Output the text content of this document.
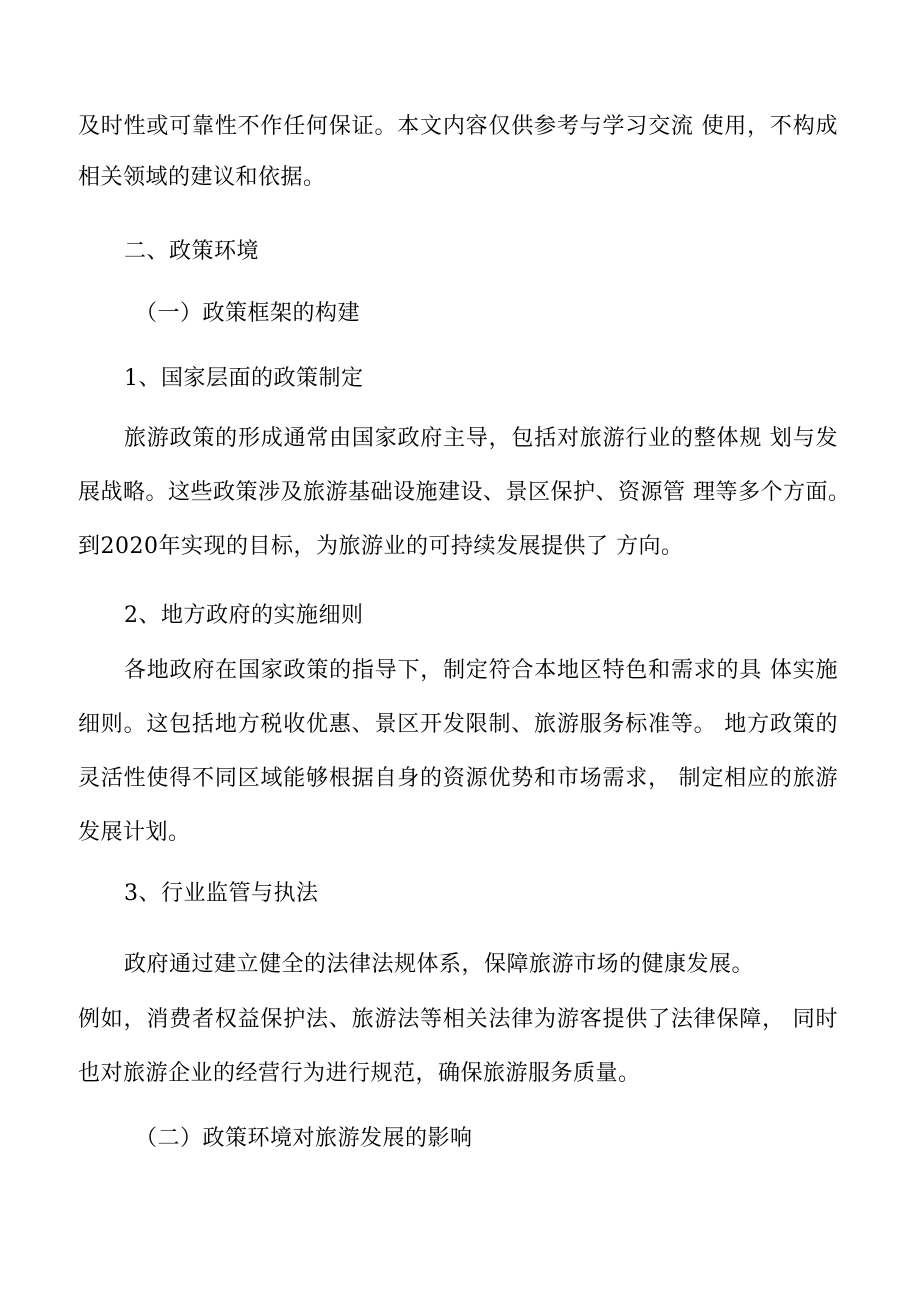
及时性或可靠性不作任何保证。本文内容仅供参考与学习交流 使用，不构成
相关领域的建议和依据。
二、政策环境
（一）政策框架的构建
1、国家层面的政策制定
旅游政策的形成通常由国家政府主导，包括对旅游行业的整体规 划与发
展战略。这些政策涉及旅游基础设施建设、景区保护、资源管 理等多个方面。
到2020年实现的目标，为旅游业的可持续发展提供了 方向。
2、地方政府的实施细则
各地政府在国家政策的指导下，制定符合本地区特色和需求的具 体实施
细则。这包括地方税收优惠、景区开发限制、旅游服务标准等。 地方政策的
灵活性使得不同区域能够根据自身的资源优势和市场需求， 制定相应的旅游
发展计划。
3、行业监管与执法
政府通过建立健全的法律法规体系，保障旅游市场的健康发展。
例如，消费者权益保护法、旅游法等相关法律为游客提供了法律保障， 同时
也对旅游企业的经营行为进行规范，确保旅游服务质量。
（二）政策环境对旅游发展的影响
